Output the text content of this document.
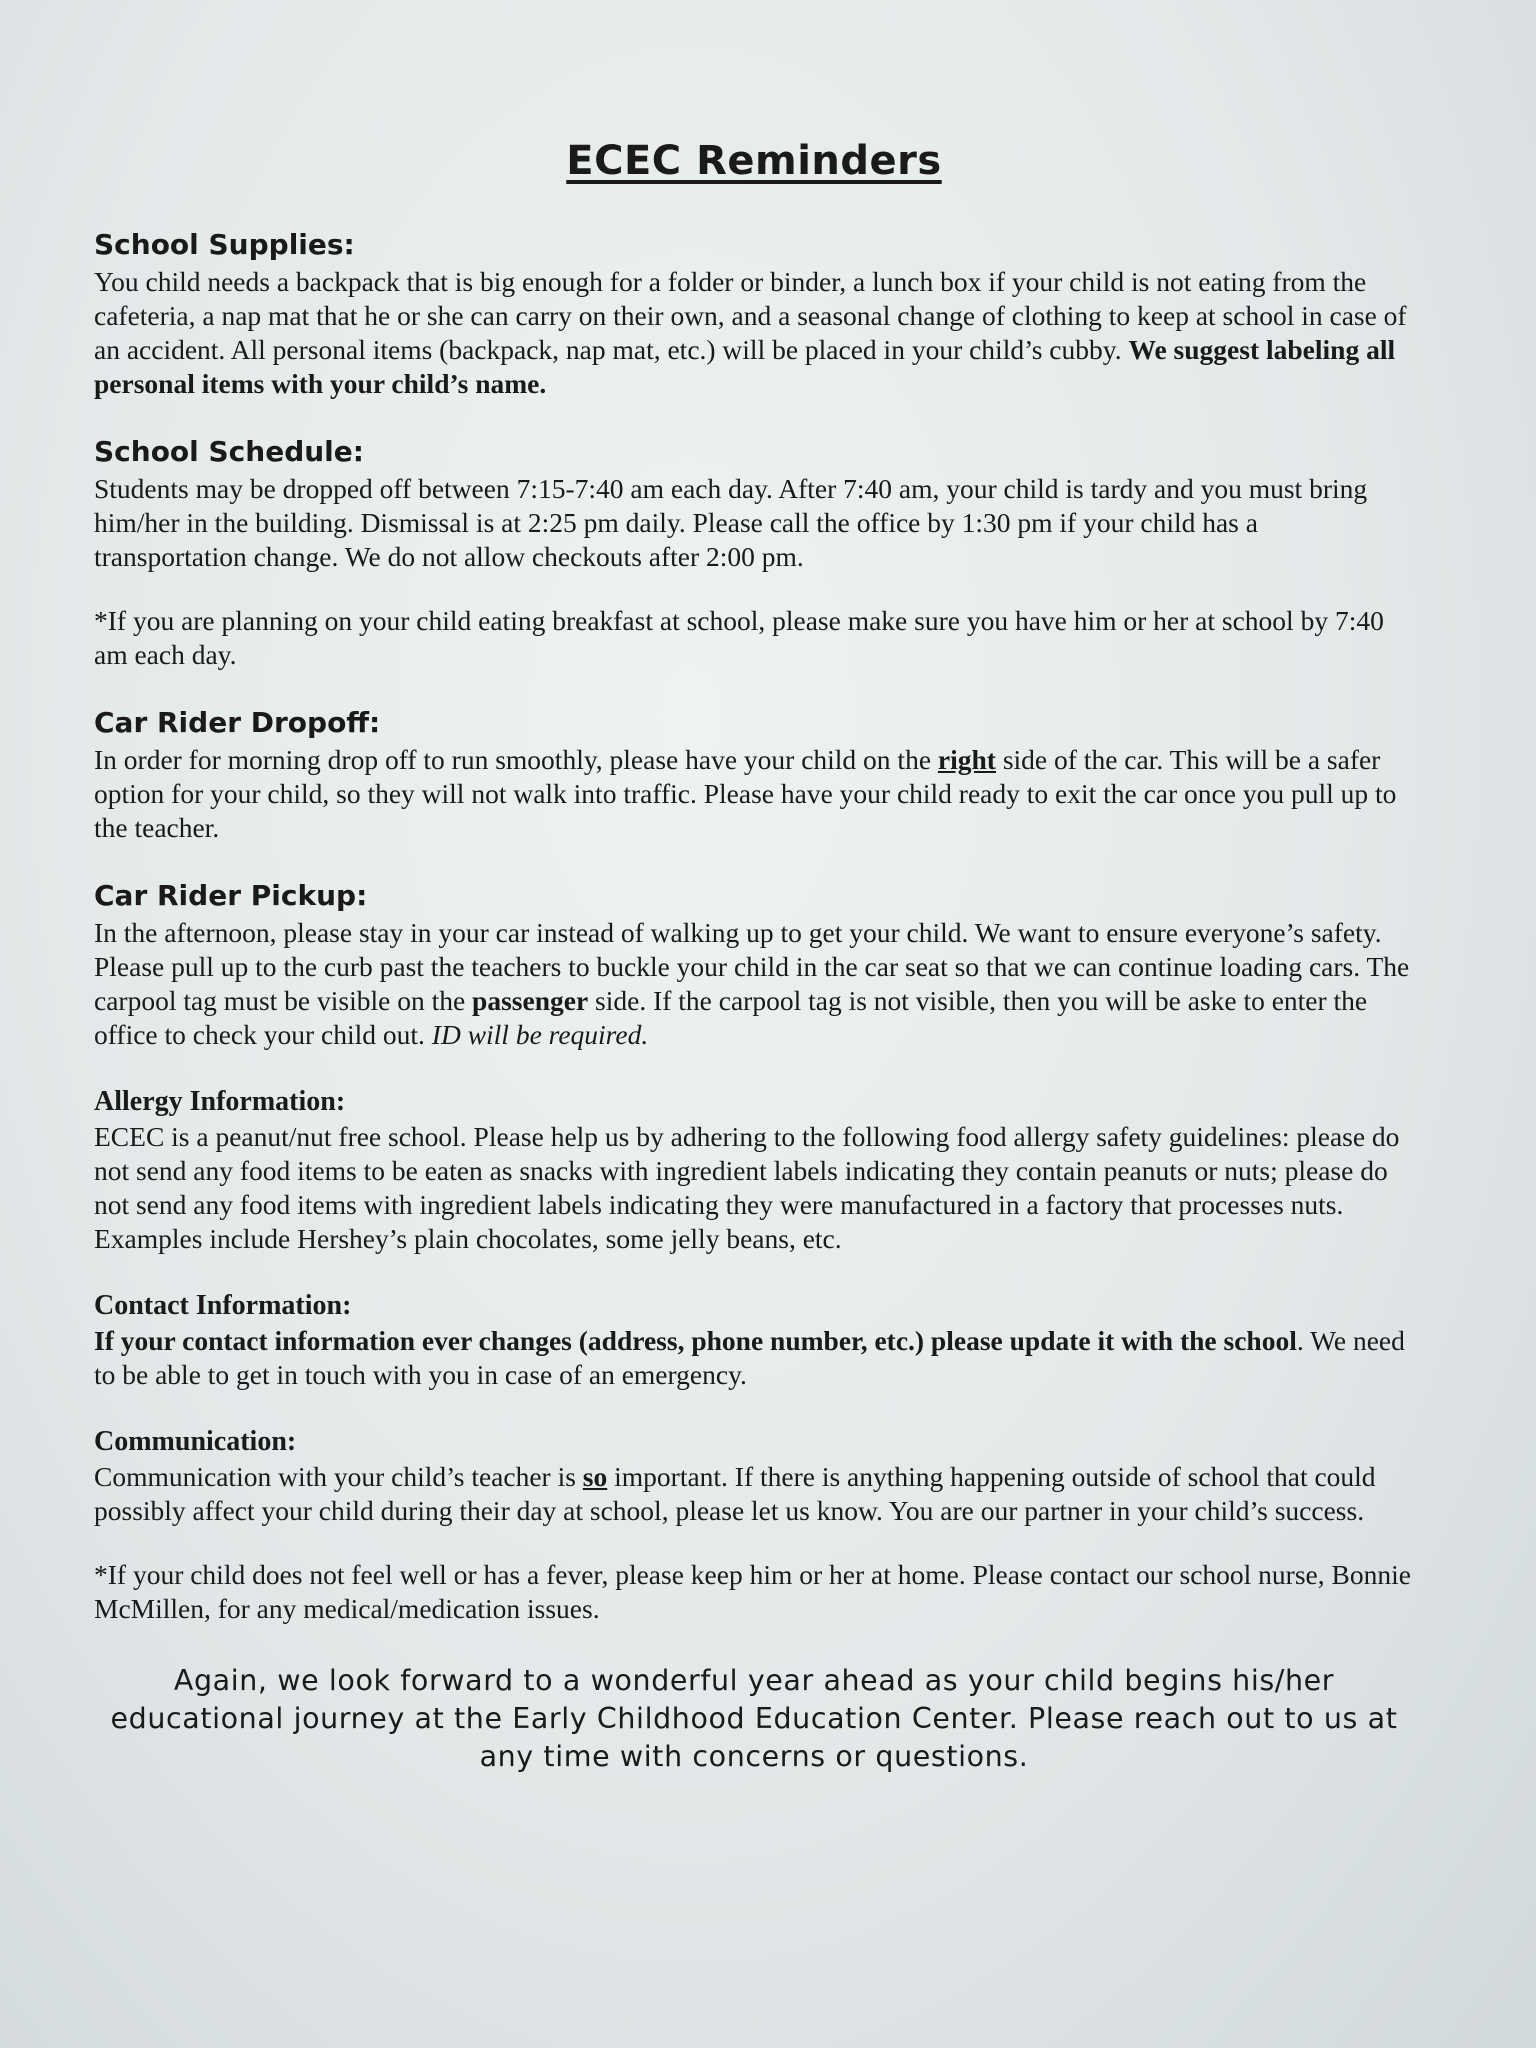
ECEC Reminders
School Supplies:

You child needs a backpack that is big enough for a folder or binder, a lunch box if your child is not eating from the cafeteria, a nap mat that he or she can carry on their own, and a seasonal change of clothing to keep at school in case of an accident. All personal items (backpack, nap mat, etc.) will be placed in your child’s cubby. We suggest labeling all personal items with your child’s name.

School Schedule:

Students may be dropped off between 7:15-7:40 am each day. After 7:40 am, your child is tardy and you must bring him/her in the building. Dismissal is at 2:25 pm daily. Please call the office by 1:30 pm if your child has a transportation change. We do not allow checkouts after 2:00 pm.

*If you are planning on your child eating breakfast at school, please make sure you have him or her at school by 7:40 am each day.

Car Rider Dropoff:

In order for morning drop off to run smoothly, please have your child on the right side of the car. This will be a safer option for your child, so they will not walk into traffic. Please have your child ready to exit the car once you pull up to the teacher.

Car Rider Pickup:

In the afternoon, please stay in your car instead of walking up to get your child. We want to ensure everyone’s safety. Please pull up to the curb past the teachers to buckle your child in the car seat so that we can continue loading cars. The carpool tag must be visible on the passenger side. If the carpool tag is not visible, then you will be aske to enter the office to check your child out. ID will be required.

Allergy Information:

ECEC is a peanut/nut free school. Please help us by adhering to the following food allergy safety guidelines: please do not send any food items to be eaten as snacks with ingredient labels indicating they contain peanuts or nuts; please do not send any food items with ingredient labels indicating they were manufactured in a factory that processes nuts. Examples include Hershey’s plain chocolates, some jelly beans, etc.

Contact Information:

If your contact information ever changes (address, phone number, etc.) please update it with the school. We need to be able to get in touch with you in case of an emergency.

Communication:

Communication with your child’s teacher is so important. If there is anything happening outside of school that could possibly affect your child during their day at school, please let us know. You are our partner in your child’s success.

*If your child does not feel well or has a fever, please keep him or her at home. Please contact our school nurse, Bonnie McMillen, for any medical/medication issues.

Again, we look forward to a wonderful year ahead as your child begins his/her educational journey at the Early Childhood Education Center. Please reach out to us at any time with concerns or questions.
